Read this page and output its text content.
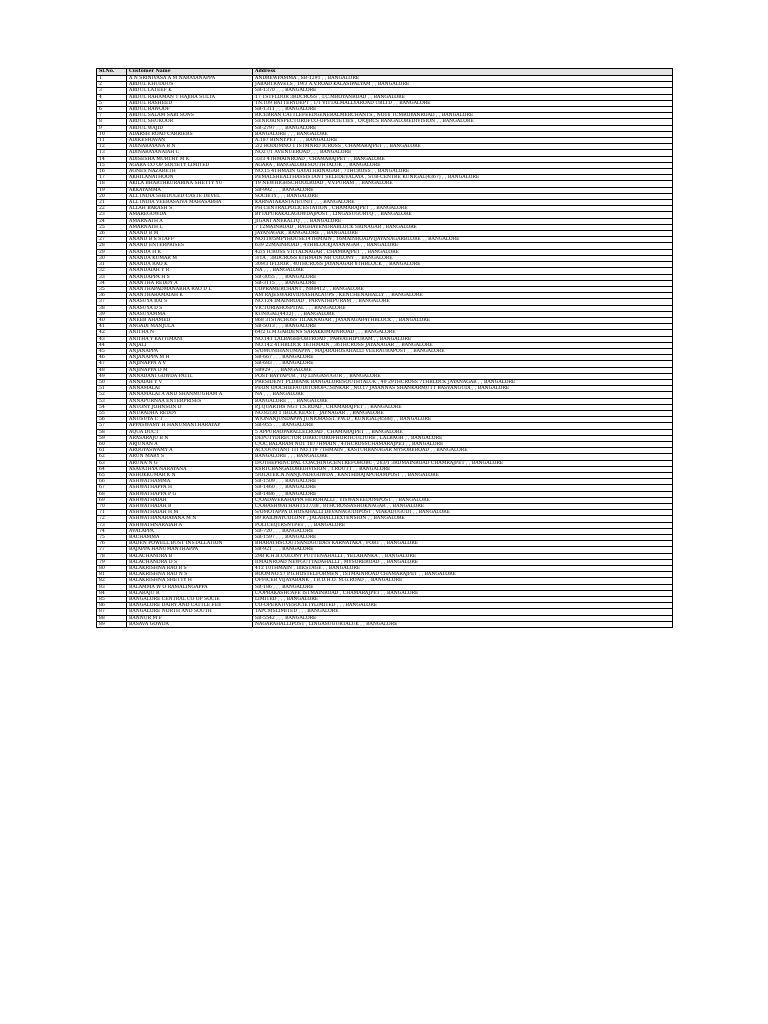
Sl.No.	Customer Name	Address
1	A N SRINIVASA A M NARAYANAPPA	ANDREWPAMMA , SB-1291 , , BANGALORE
2	ABDUL KHUDDUS	JABARTRAVELS , 19/3 A.V.ROAD KALASIPALYAM , , BANGALORE
3	ABDUL LATEEF K	SB-1370 , , , BANGALORE
4	ABDUL RAHAMAN T HAJIRA SULTA	17 1STFLOOR 3RDCROSS , T.C.MROYANROAD , , BANGALORE
5	ABDUL RASHEED	TN.109 BATTERYDEPT , 1/1 VITTALMALLYAROAD UBLTD , , BANGALORE
6	ABDUL RAWOOF	SB-1311 , , , BANGALORE
7	ABDUL SALAM SABI SONS	RICEBRAN CATTLEFEEDGENERALMERCHANTS , NO16 TCMROYANROAD , , BANGALORE
8	ABDUL SHUKOOR	SENIORINSPECTOROFCO-OPSOCIETIES , O/OJRCS BANGALOREDIVISION , , BANGALORE
9	ABDUL WAJID	SB-2797 , , , BANGALORE
10	ADARSH ROAD CARRIERS	BANGALORE , , , BANGALORE
11	ADIKESHAVAN	A.187 BINNYPET , , , BANGALORE
12	ADINARAYANA B N	2/2 RODDMNO 1 ISTMNRD ICROSS , CHAMARAJPET , , BANGALORE
13	ADINARAYANAIAH C	NO27/1 AVENUEROAD , , , BANGALORE
14	ADISESHA MURTHY M K	33/3 4THMAINROAD , CHAMARAJPET , , BANGALORE
15	AGARA CO OP SOCIETY LIMITED	AGARA , BANGALORESOUTHTALUK , , BANGALORE
16	AGNES NAZARETH	NO.15 4THMAIN GAYATHRINAGAR , 7THCROSS , , BANGALORE
17	AKHILANATHOON	PEMALSHEALTHASSISTANT SELEDEVALAYA , SUB-CENTRE KUNIGAL(4367) , , BANGALORE
18	AKILA BHARTHKURABINA SHETTY YU	19 NEWHIGHSCHOOLROAD , V.V.PURAM , , BANGALORE
19	AKKAYAMMA	SB-992 , , , BANGALORE
20	ALL INDIA SHEDULED CASTE DEVEL	SOCIETY , , , BANGALORE
21	ALL INDIA VEERASAIVA MAHASABHA	KARNATAKASTATEUNIT , , , BANGALORE
22	ALLAH BAKASH S	PH CENTRALPOLICESTATION , CHAMARAJPET , , BANGALORE
23	AMAREGOWDA	BYTAPURAKALAGOWDAJPOST , LINGASUGURTQ , , BANGALORE
24	AMARNATH A	JIGANI ANEKALTQ , , , BANGALORE
25	AMARNATH L	7 12MAINROAD , RAGHAVENDRABLOCK SRINAGAR , BANGALORE
26	ANAND B M	JAYANAGAR , BANGALORE , , BANGALORE
27	ANAND B S STAFF	NO119/5MPYHOUSE14THMAIN , 16MAINROADVIJAYANAGARBLORE , , BANGALORE
28	ANAND ENTERPRISES	639 22MAINROAD , 4THBLOCKJAYANAGAR , , BANGALORE
29	ANANDA H K	42/5 ICROSS VITTALNAGAR , CHAMRAJPET , , BANGALORE
30	ANANDA KUMAR M	3/1A , 3RDCROSS 6THMAIN NR COLONY , , BANGALORE
31	ANANDA RAO K	309/3 IFLOOR , 40THCROSS JAYANAGAR 8THBLOCK , , BANGALORE
32	ANANDAIAH Y R	NA , , , BANGALORE
33	ANANDAPPA H S	SB-3055 , , , BANGALORE
34	ANANTHA REDDY A	SB-3115 , , , BANGALORE
35	ANANTHAPADMANABHA RAO D L	COPRAMERCHANT , NR0412 , , BANGALORE
36	ANANTHARAMAIAH K	AM RAJESWARIVIDYASHALAUPS , KENCHENAHALLY , , BANGALORE
37	ANASUYA BAI S	NO.124 IMAINROAD , PARVATHIPURAM , , BANGALORE
38	ANASUYA D S	VICTORIAHOSPITAL , , , BANGALORE
39	ANASUYAMMA	KUNIGAL(4432) , , , BANGALORE
40	ANEEB AHAMED	868 31STACROSS TILAKNAGAR , JAYANAGAR4THBLOCK , , BANGALORE
41	ANGADI MANJULA	SB-5013 , , , BANGALORE
42	ANITHA N	64/2 G.M.GARDENS SARAKKIMAINROAD , , , BANGALORE
43	ANITHA Y KATTIMANI	NO.141 LALBAGHFORTROAD , PARVATHIPURAM , , BANGALORE
44	ANJALI	NO.142 4THBLOCK 16THMAIN , 36THCROSS JAYANAGAR , , BANGALORE
45	ANJANAPPA	S/OMUNIHANUMAPPA , MAJARAHOSAHALLI VEERAURAPOST , , BANGALORE
46	ANJANAPPA M H	SB-667 , , , BANGALORE
47	ANJINAPPA A V	SB-683 , , , BANGALORE
48	ANJINAPPA D M	SB929 , , , BANGALORE
49	ANNADANI GOWDA PATIL	POST BAYYAPUR , TQ LINGASUGUR , , BANGALORE
50	ANNAIAH Y V	PRESIDENT PLDBANK BANGALORESOUTHTALUK , 40 29THCROSS 7THBLOCK JAYANAGAR , , BANGALORE
51	ANNAMALAI	PEON O/OCHIEFAUDITOROFC.SINKAR , NO.17 JAYANNAS SHANKARMUTT BASVANGUDI , , BANGALORE
52	ANNAMALAI A AND SHANMUGHAM A	NA , , , BANGALORE
53	ANNAPURNAA ENTERPRISES	BANGALORE , , , BANGALORE
54	ANTONY JOHNSON D	P.J.QUARTRS NGT T.S.ROAD , CHAMARAJPET , , BANGALORE
55	ANURADHA REDDY	NO.82/30 1 IBLOCKEAST , JAYNAGAR , , BANGALORE
56	ANUSUYA C T	W/ONANJUNDAPPA JUNIORASST. P.W.D , KUNIGAL(4588) , , BANGALORE
57	APPASWAMY H HANUMANTHARAYAP	SB-955 , , , BANGALORE
58	AQUA DUCT	5 APPURAOPARALLELROAD , CHAMARAJPET , , BANGALORE
59	ARASARAJU B N	DEPUTYDIRECTOR DIRECTOROFHORTICULTURE , LALBAGH , , BANGALORE
60	ARJUNAN A	C/OC.BALARAM NO1 1877HMAIN , 4THCROSSCHAMARAJPET , , BANGALORE
61	AROGYASWAMY A	ACCOUNTANT ITI NO.119 7THMAIN , KASTURBANAGAR MYSOREROAD , , BANGALORE
62	ARUN MARY S	BANGALORE , , , BANGALORE
63	ARUNA N G	D/OTHEPRINCIPAL COACHINGCENTREFOROBC , 263/1 3RDMAINROAD CHAMRAJPET , , BANGALORE
64	ASAVATHYA NARAYANA	KSRTCBANGALOREDIVISION , T.ROUTT , , BANGALORE
65	ASHOKKUMAR K N	5/OLATEK.N.NANJUNDEGOWDA , KANTHIRAJAPURAMPOST , , BANGALORE
66	ASHWATHAMMA	SB-1509 , , , BANGALORE
67	ASHWATHAPPA H	SB-1460 , , , BANGALORE
68	ASHWATHAPPA P G	SB-1486 , , , BANGALORE
69	ASHWATHAIAH	C/OADAVEKAHAPPA HEROHALLI , VISWANEEDOMPOST , , BANGALORE
70	ASHWATHAIAH B	C/OBASHWATHAH1537/38 , 8THCROSSASHOKNAGAR , , BANGALORE
71	ASHWATHAIAH H M	S/OMOTAPPA D.HOSAHALLI DEVANAGUDIPOST , VIAKADUGUDI , , BANGALORE
72	ASHWATHANARAYANA M N	89 RAILWAYCOLONY , JALAHALLIEXTENSION , , BANGALORE
73	ASHWATHNARAIAH A	POLICEQTRSNTPET , , , BANGALORE
74	AVALAPPA	SB-720 , , , BANGALORE
75	BACHAMMA	SB-1597 , , , BANGALORE
76	BADEN POWELL BUST INSTALLATION	BHARATHSCOUTSANDGUIDES KARNATAKA , FORT , , BANGALORE
77	BAJAPPA HANUMANTHAPPA	SB-921 , , , BANGALORE
78	BALACHANDRA B	29B K.H.B.COLONY PUTTENAHALLI , YELAHANKA , , BANGALORE
79	BALACHANDRA D S	IIMAINROAD NEWGUTTADAHALLI , MYSOREROAD , , BANGALORE
80	BALAKRISHNA RAO B S	412 10THMAIN , IIIKSTAGE , , BANGALORE
81	BALAKRISHNA RAO N S	ROOMNO.57 P.G.HOSTELFORMEN , ISTMAINROAD CHAMARAJPET , , BANGALORE
82	BALAKRISHNA SHETTY H	OFFICER VIJAYABANK , I.B.D.H.O. M.G.ROAD , , BANGALORE
83	BALAMMA W O RAMALINGAPPA	SB-186 , , , BANGALORE
84	BALARAJU R	C/OPRAKASHCAFE ISTMAINROAD , CHAMARAJPET , , BANGALORE
85	BANGALORE CENTRAL CO OP SOCIE	LIMITED , , , BANGALORE
86	BANGALORE DAIRY AND CATTLE FEE	CO-OPERATIVESOCIETYLIMITED , , , BANGALORE
87	BANGALORE NORTH AND SOUTH	TAPCMSLIMITED , , , BANGALORE
88	BANNUR M F	SB-5542 , , , BANGALORE
89	BASAVA GOWDA	NAGARAHALLIPOST , LINGASUGURTALUK , , BANGALORE
